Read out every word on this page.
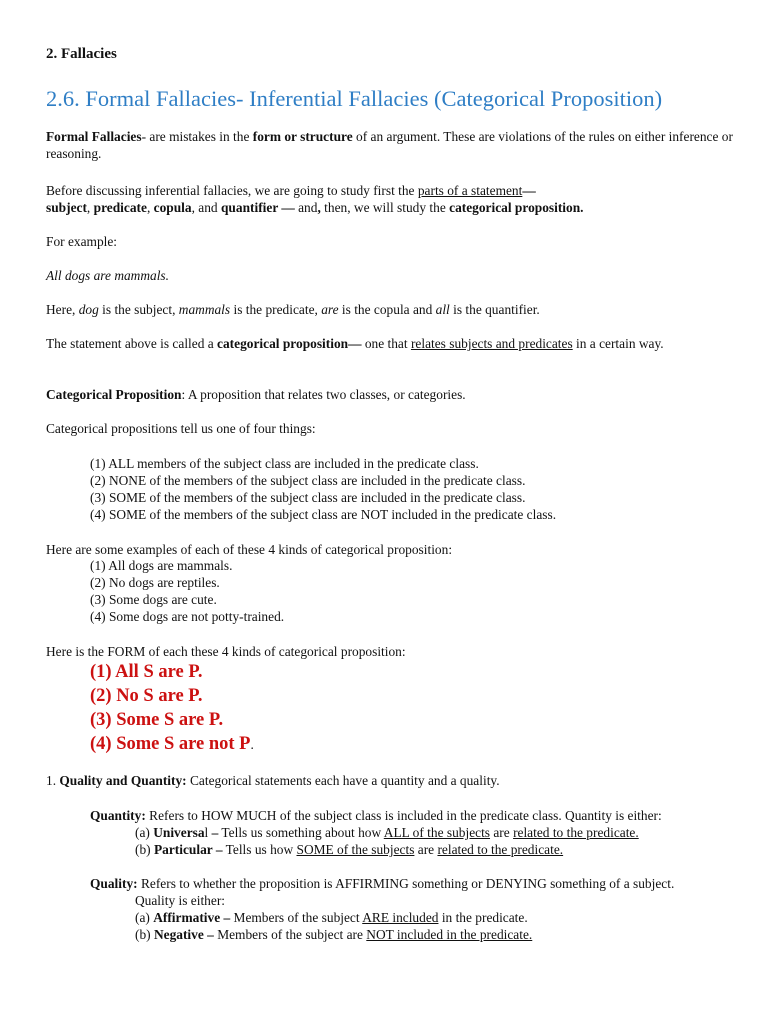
2. Fallacies

2.6. Formal Fallacies- Inferential Fallacies (Categorical Proposition)

Formal Fallacies- are mistakes in the form or structure of an argument. These are violations of the rules on either inference or reasoning.

Before discussing inferential fallacies, we are going to study first the parts of a statement—
subject, predicate, copula, and quantifier — and, then, we will study the categorical proposition.

For example:

All dogs are mammals.

Here, dog is the subject, mammals is the predicate, are is the copula and all is the quantifier.

The statement above is called a categorical proposition— one that relates subjects and predicates in a certain way.

Categorical Proposition: A proposition that relates two classes, or categories.

Categorical propositions tell us one of four things:

(1) ALL members of the subject class are included in the predicate class.
(2) NONE of the members of the subject class are included in the predicate class.
(3) SOME of the members of the subject class are included in the predicate class.
(4) SOME of the members of the subject class are NOT included in the predicate class.

Here are some examples of each of these 4 kinds of categorical proposition:

(1) All dogs are mammals.
(2) No dogs are reptiles.
(3) Some dogs are cute.
(4) Some dogs are not potty-trained.

Here is the FORM of each these 4 kinds of categorical proposition:

(1) All S are P.
(2) No S are P.
(3) Some S are P.
(4) Some S are not P.

1. Quality and Quantity: Categorical statements each have a quantity and a quality.

Quantity: Refers to HOW MUCH of the subject class is included in the predicate class. Quantity is either:

(a) Universal – Tells us something about how ALL of the subjects are related to the predicate.

(b) Particular – Tells us how SOME of the subjects are related to the predicate.

Quality: Refers to whether the proposition is AFFIRMING something or DENYING something of a subject.

Quality is either:

(a) Affirmative – Members of the subject ARE included in the predicate.

(b) Negative – Members of the subject are NOT included in the predicate.
